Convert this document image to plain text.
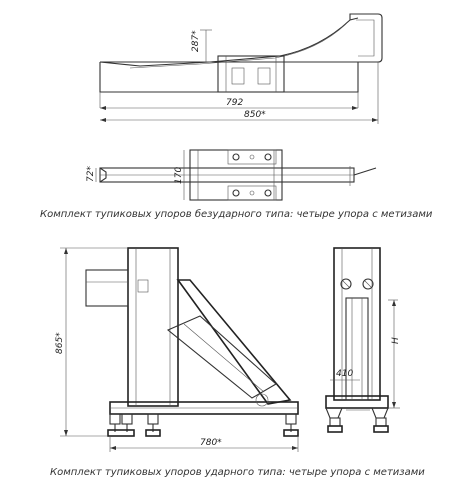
287*
792
850*
72*	170
865*
780*
H
410
Комплект тупиковых упоров безударного типа: четыре упора с метизами
Комплект тупиковых упоров ударного типа: четыре упора с метизами
